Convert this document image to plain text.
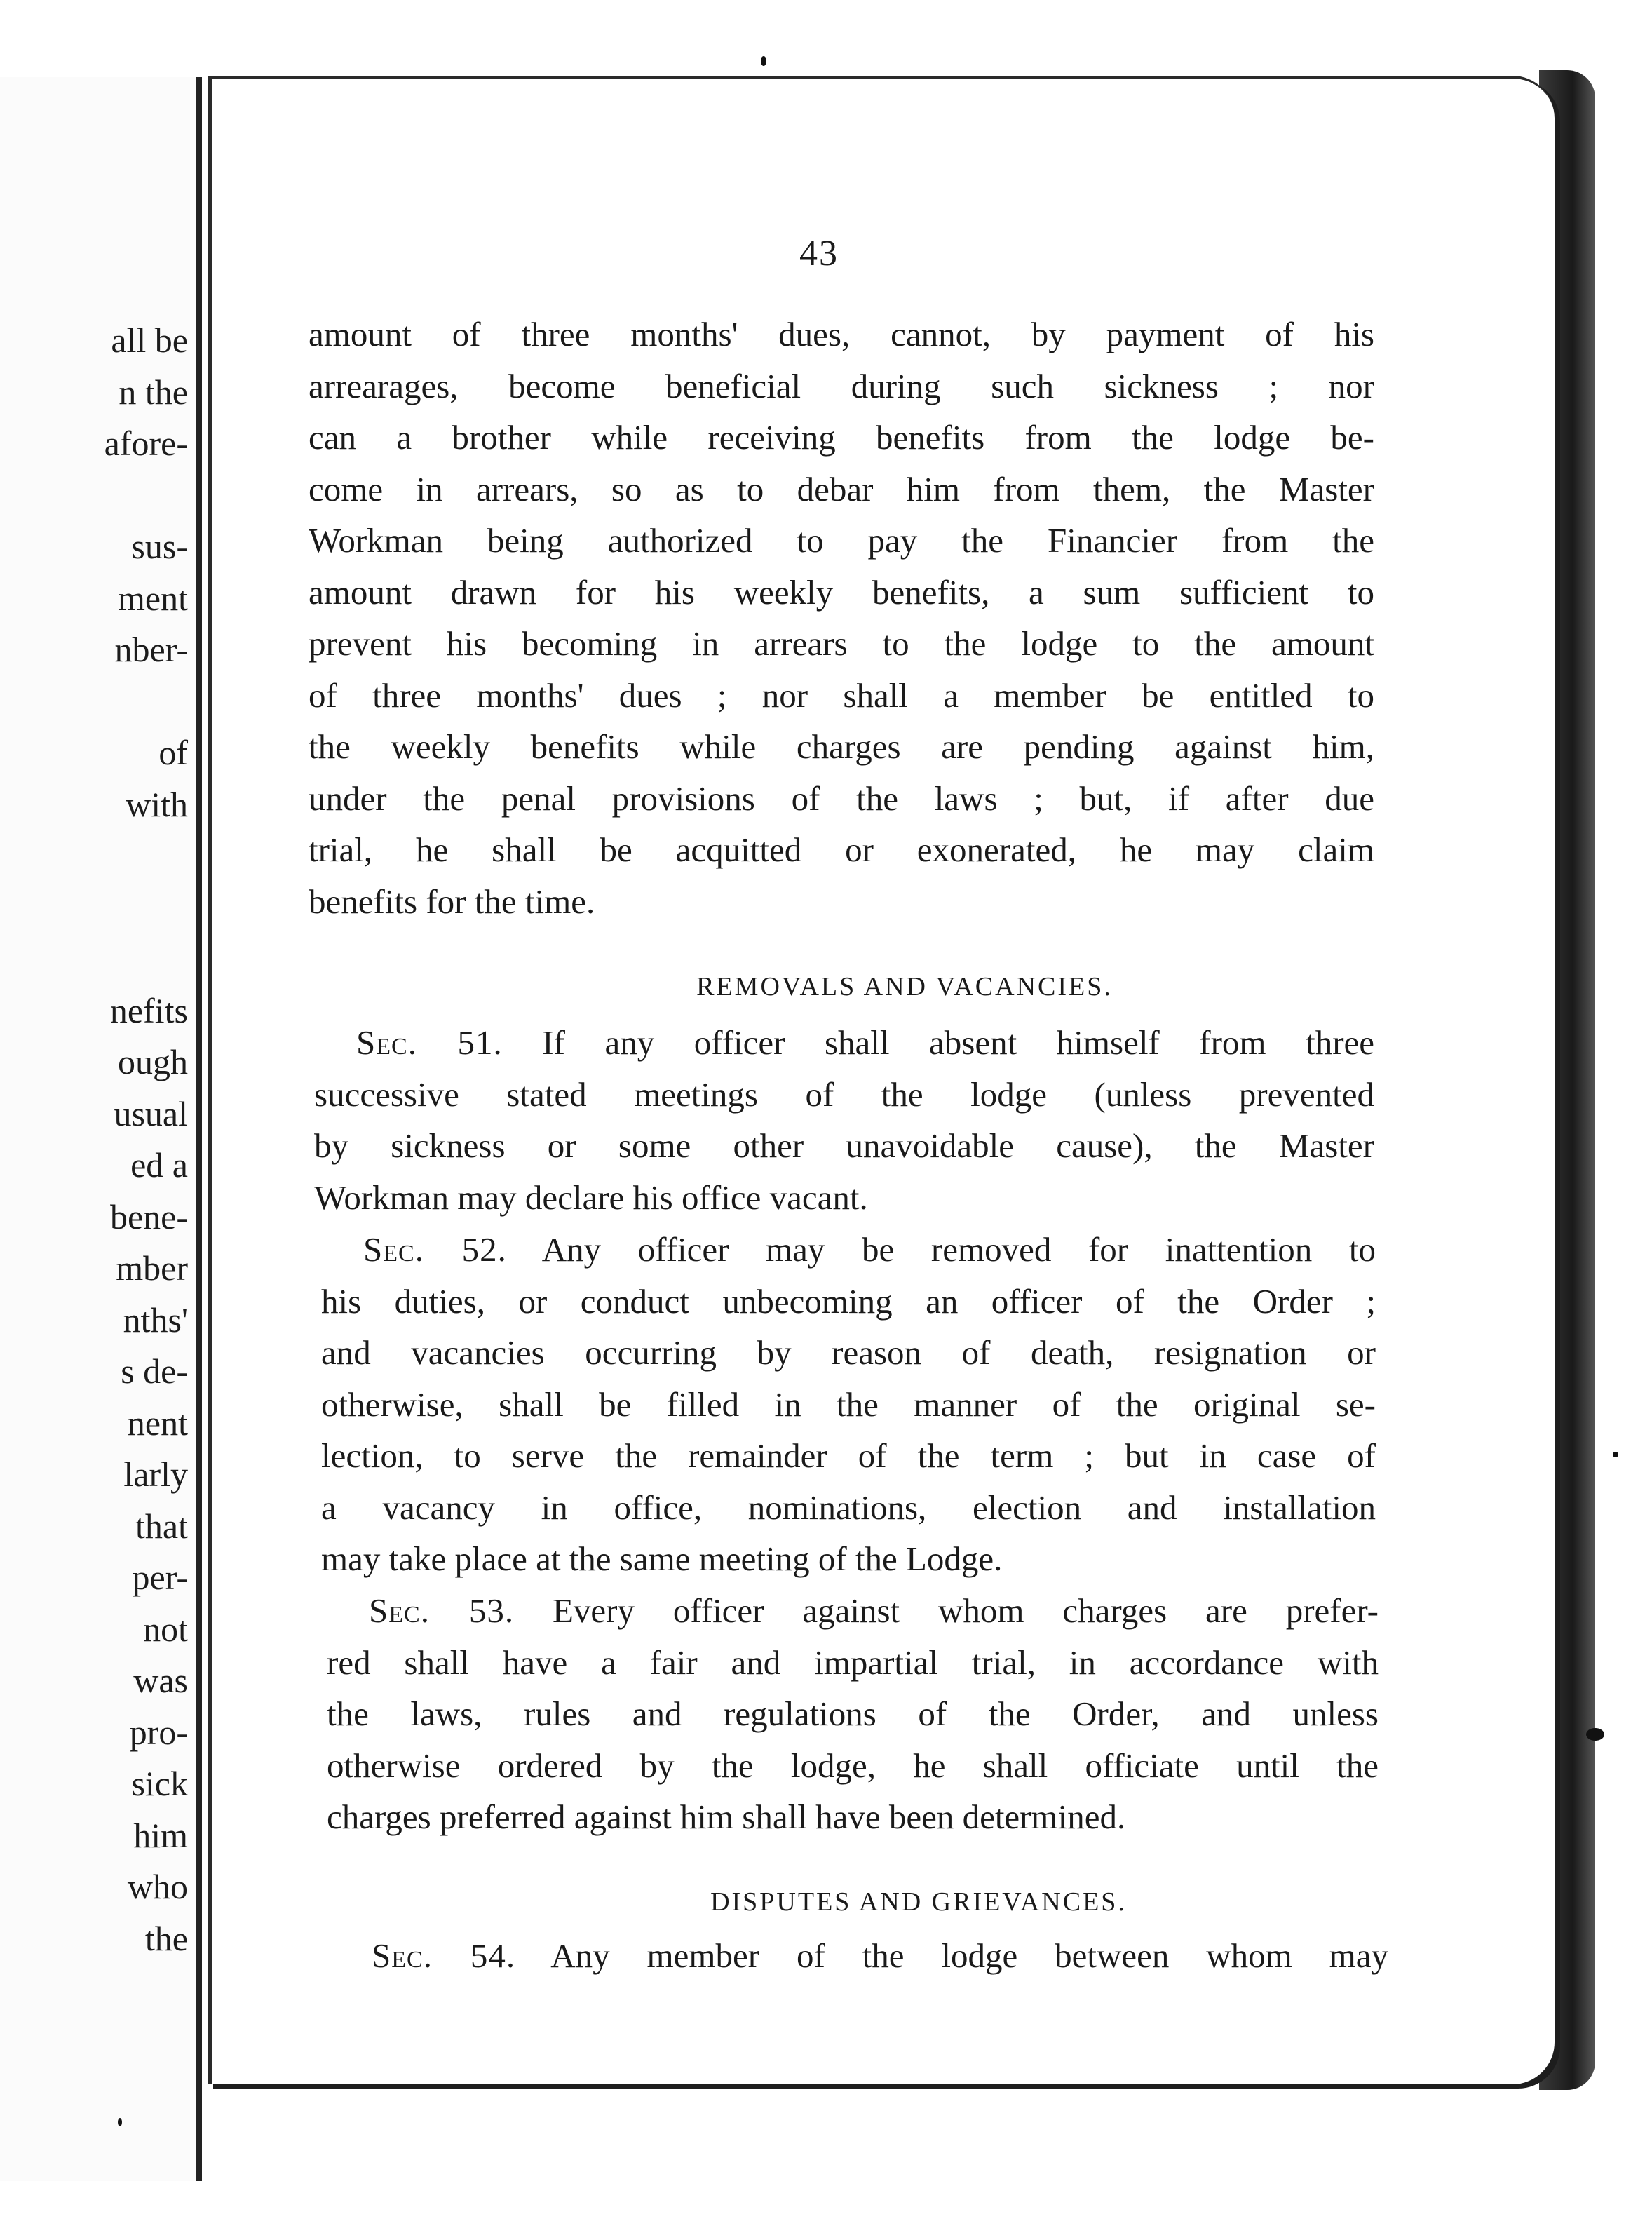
all be
n the
afore-
sus-
ment
nber-
of
with
nefits
ough
usual
ed a
bene-
mber
nths'
s de-
nent
larly
that
per-
not
was
pro-
sick
him
who
the
43
amount of three months' dues, cannot, by payment of his
arrearages, become beneficial during such sickness ; nor
can a brother while receiving benefits from the lodge be-
come in arrears, so as to debar him from them, the Master
Workman being authorized to pay the Financier from the
amount drawn for his weekly benefits, a sum sufficient to
prevent his becoming in arrears to the lodge to the amount
of three months' dues ; nor shall a member be entitled to
the weekly benefits while charges are pending against him,
under the penal provisions of the laws ; but, if after due
trial, he shall be acquitted or exonerated, he may claim
benefits for the time.
REMOVALS AND VACANCIES.
Sec. 51. If any officer shall absent himself from three
successive stated meetings of the lodge (unless prevented
by sickness or some other unavoidable cause), the Master
Workman may declare his office vacant.
Sec. 52. Any officer may be removed for inattention to
his duties, or conduct unbecoming an officer of the Order ;
and vacancies occurring by reason of death, resignation or
otherwise, shall be filled in the manner of the original se-
lection, to serve the remainder of the term ; but in case of
a vacancy in office, nominations, election and installation
may take place at the same meeting of the Lodge.
Sec. 53. Every officer against whom charges are prefer-
red shall have a fair and impartial trial, in accordance with
the laws, rules and regulations of the Order, and unless
otherwise ordered by the lodge, he shall officiate until the
charges preferred against him shall have been determined.
DISPUTES AND GRIEVANCES.
Sec. 54. Any member of the lodge between whom may
